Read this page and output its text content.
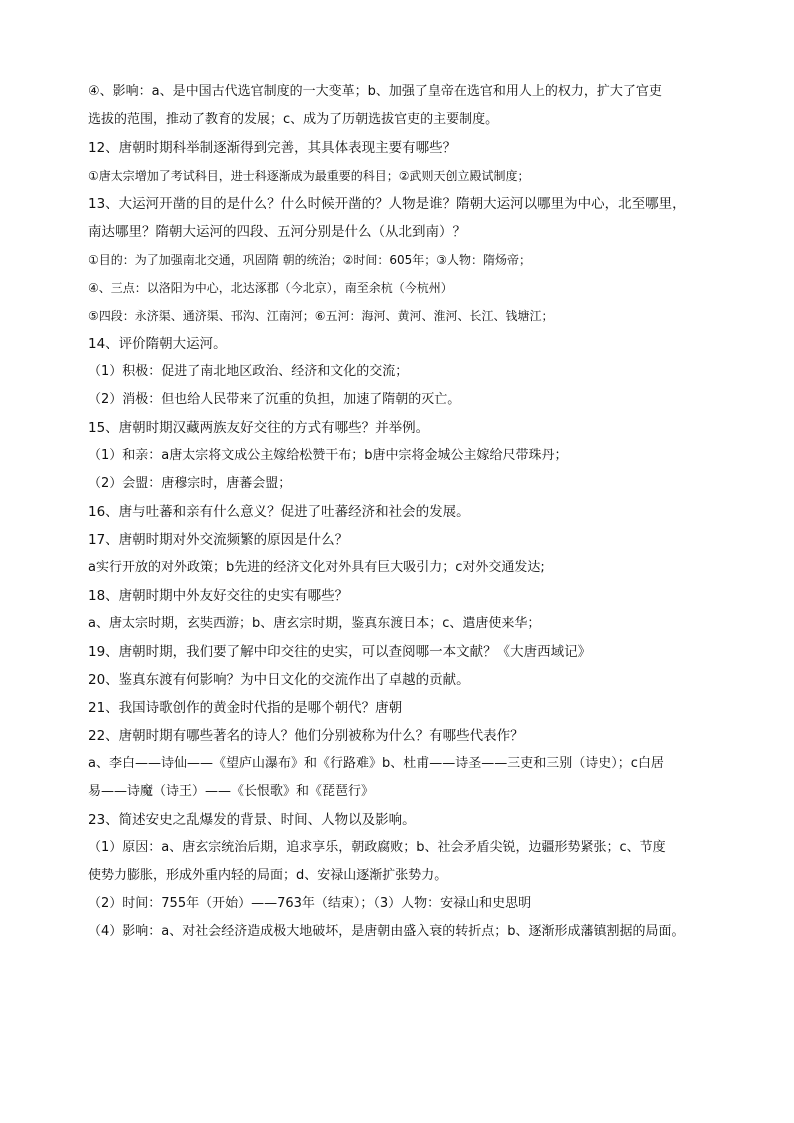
④、影响：a、是中国古代选官制度的一大变革；b、加强了皇帝在选官和用人上的权力，扩大了官吏
选拔的范围，推动了教育的发展；c、成为了历朝选拔官吏的主要制度。
12、唐朝时期科举制逐渐得到完善，其具体表现主要有哪些？
①唐太宗增加了考试科目，进士科逐渐成为最重要的科目；②武则天创立殿试制度；
13、大运河开凿的目的是什么？什么时候开凿的？人物是谁？隋朝大运河以哪里为中心，北至哪里，
南达哪里？隋朝大运河的四段、五河分别是什么（从北到南）？
①目的：为了加强南北交通，巩固隋 朝的统治；②时间：605年；③人物：隋炀帝；
④、三点：以洛阳为中心，北达涿郡（今北京），南至余杭（今杭州）
⑤四段：永济渠、通济渠、邗沟、江南河；⑥五河：海河、黄河、淮河、长江、钱塘江；
14、评价隋朝大运河。
（1）积极：促进了南北地区政治、经济和文化的交流；
（2）消极：但也给人民带来了沉重的负担，加速了隋朝的灭亡。
15、唐朝时期汉藏两族友好交往的方式有哪些？并举例。
（1）和亲：a唐太宗将文成公主嫁给松赞干布；b唐中宗将金城公主嫁给尺带珠丹；
（2）会盟：唐穆宗时，唐蕃会盟；
16、唐与吐蕃和亲有什么意义？促进了吐蕃经济和社会的发展。
17、唐朝时期对外交流频繁的原因是什么？
a实行开放的对外政策；b先进的经济文化对外具有巨大吸引力；c对外交通发达;
18、唐朝时期中外友好交往的史实有哪些？
a、唐太宗时期，玄奘西游；b、唐玄宗时期，鉴真东渡日本；c、遣唐使来华；
19、唐朝时期，我们要了解中印交往的史实，可以查阅哪一本文献？《大唐西域记》
20、鉴真东渡有何影响？为中日文化的交流作出了卓越的贡献。
21、我国诗歌创作的黄金时代指的是哪个朝代？唐朝
22、唐朝时期有哪些著名的诗人？他们分别被称为什么？有哪些代表作？
a、李白——诗仙——《望庐山瀑布》和《行路难》b、杜甫——诗圣——三吏和三别（诗史）；c白居
易——诗魔（诗王）——《长恨歌》和《琵琶行》
23、简述安史之乱爆发的背景、时间、人物以及影响。
（1）原因：a、唐玄宗统治后期，追求享乐，朝政腐败；b、社会矛盾尖锐，边疆形势紧张；c、节度
使势力膨胀，形成外重内轻的局面；d、安禄山逐渐扩张势力。
（2）时间：755年（开始）——763年（结束）；（3）人物：安禄山和史思明
（4）影响：a、对社会经济造成极大地破坏，是唐朝由盛入衰的转折点；b、逐渐形成藩镇割据的局面。
